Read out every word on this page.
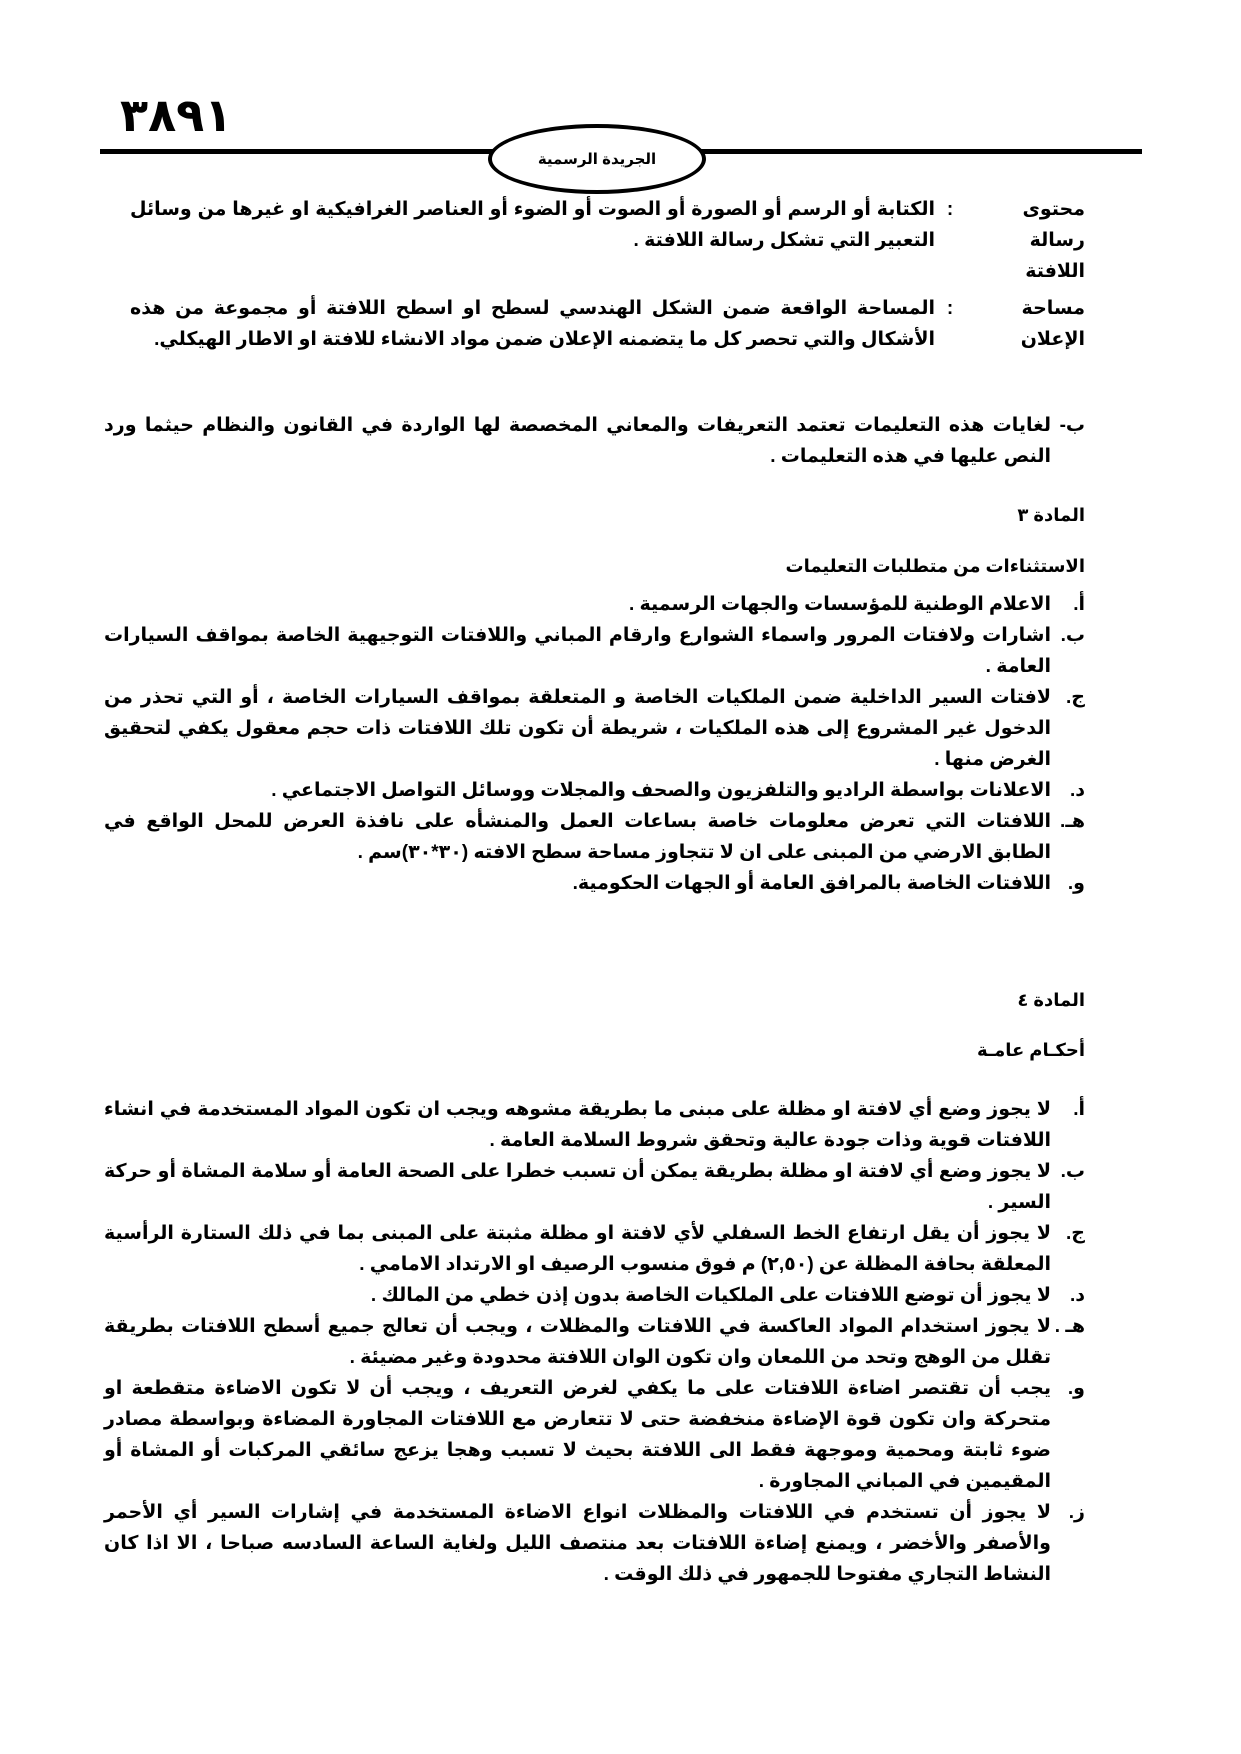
٣٨٩١
الجريدة الرسمية
محتوى رسالة اللافتة
:
الكتابة أو الرسم أو الصورة أو الصوت أو الضوء أو العناصر الغرافيكية او غيرها من وسائل التعبير التي تشكل رسالة اللافتة .
مساحة الإعلان
:
المساحة الواقعة ضمن الشكل الهندسي لسطح او اسطح اللافتة أو مجموعة من هذه الأشكال والتي تحصر كل ما يتضمنه الإعلان ضمن مواد الانشاء للافتة او الاطار الهيكلي.
ب-
لغايات هذه التعليمات تعتمد التعريفات والمعاني المخصصة لها الواردة في القانون والنظام حيثما ورد النص عليها في هذه التعليمات .
المادة ٣
الاستثناءات من متطلبات التعليمات
أ.
الاعلام الوطنية للمؤسسات والجهات الرسمية .
ب.
اشارات ولافتات المرور واسماء الشوارع وارقام المباني واللافتات التوجيهية الخاصة بمواقف السيارات العامة .
ج.
لافتات السير الداخلية ضمن الملكيات الخاصة و المتعلقة بمواقف السيارات الخاصة ، أو التي تحذر من الدخول غير المشروع إلى هذه الملكيات ، شريطة أن تكون تلك اللافتات ذات حجم معقول يكفي لتحقيق الغرض منها .
د.
الاعلانات بواسطة الراديو والتلفزيون والصحف والمجلات ووسائل التواصل الاجتماعي .
هـ.
اللافتات التي تعرض معلومات خاصة بساعات العمل والمنشأه على نافذة العرض للمحل الواقع في الطابق الارضي من المبنى على ان لا تتجاوز مساحة سطح الافته (٣٠*٣٠)سم .
و.
اللافتات الخاصة بالمرافق العامة أو الجهات الحكومية.
المادة ٤
أحكـام عامـة
أ.
لا يجوز وضع أي لافتة او مظلة على مبنى ما بطريقة مشوهه ويجب ان تكون المواد المستخدمة في انشاء اللافتات قوية وذات جودة عالية وتحقق شروط السلامة العامة .
ب.
لا يجوز وضع أي لافتة او مظلة بطريقة يمكن أن تسبب خطرا على الصحة العامة أو سلامة المشاة أو حركة السير .
ج.
لا يجوز أن يقل ارتفاع الخط السفلي لأي لافتة او مظلة مثبتة على المبنى بما في ذلك الستارة الرأسية المعلقة بحافة المظلة عن (٢,٥٠) م فوق منسوب الرصيف او الارتداد الامامي .
د.
لا يجوز أن توضع اللافتات على الملكيات الخاصة بدون إذن خطي من المالك .
هـ .
لا يجوز استخدام المواد العاكسة في اللافتات والمظلات ، ويجب أن تعالج جميع أسطح اللافتات بطريقة تقلل من الوهج وتحد من اللمعان وان تكون الوان اللافتة محدودة وغير مضيئة .
و.
يجب أن تقتصر اضاءة اللافتات على ما يكفي لغرض التعريف ، ويجب أن لا تكون الاضاءة متقطعة او متحركة وان تكون قوة الإضاءة منخفضة حتى لا تتعارض مع اللافتات المجاورة المضاءة وبواسطة مصادر ضوء ثابتة ومحمية وموجهة فقط الى اللافتة بحيث لا تسبب وهجا يزعج سائقي المركبات أو المشاة أو المقيمين في المباني المجاورة .
ز.
لا يجوز أن تستخدم في اللافتات والمظلات انواع الاضاءة المستخدمة في إشارات السير أي الأحمر والأصفر والأخضر ، ويمنع إضاءة اللافتات بعد منتصف الليل ولغاية الساعة السادسه صباحا ، الا اذا كان النشاط التجاري مفتوحا للجمهور في ذلك الوقت .
